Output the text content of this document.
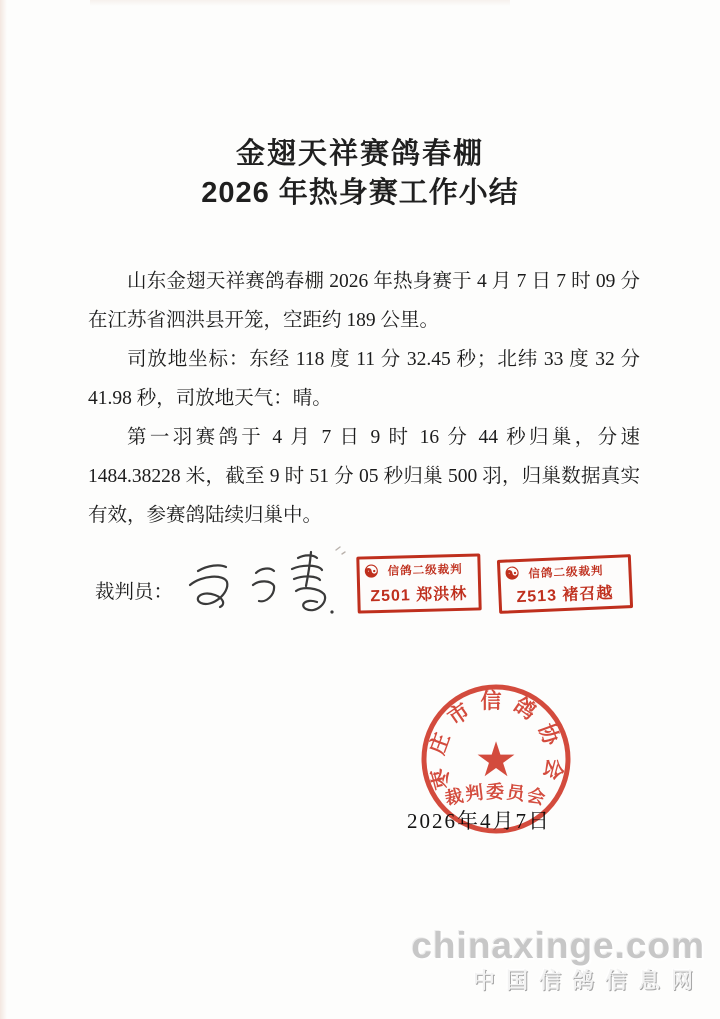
金翅天祥赛鸽春棚
2026 年热身赛工作小结

山东金翅天祥赛鸽春棚 2026 年热身赛于 4 月 7 日 7 时 09 分在江苏省泗洪县开笼，空距约 189 公里。

司放地坐标：东经 118 度 11 分 32.45 秒；北纬 33 度 32 分 41.98 秒，司放地天气：晴。

第一羽赛鸽于 4 月 7 日 9 时 16 分 44 秒归巢，分速 1484.38228 米，截至 9 时 51 分 05 秒归巢 500 羽，归巢数据真实有效，参赛鸽陆续归巢中。

裁判员：
☯ 信鸽二级裁判
Z501 郑洪林
☯ 信鸽二级裁判
Z513 褚召越
2026年4月7日
枣庄市信鸽协会
★
裁判委员会
chinaxinge.com
中国信鸽信息网
